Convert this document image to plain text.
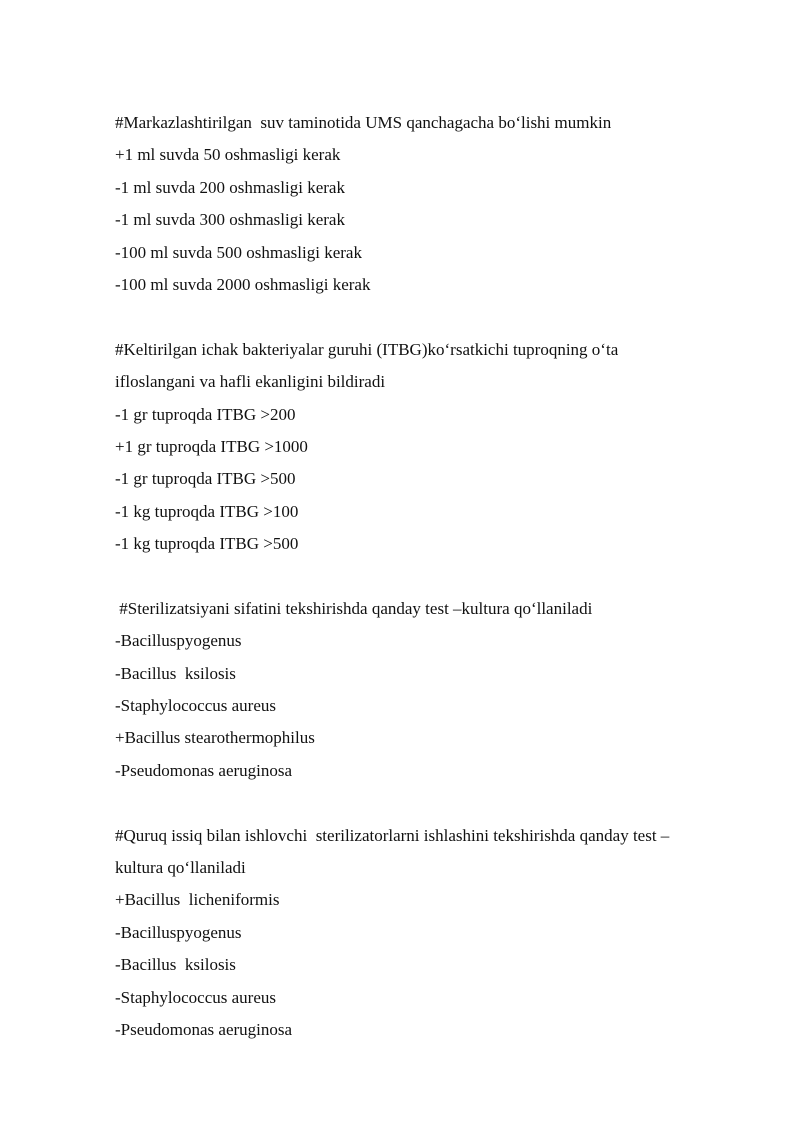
#Markazlashtirilgan  suv taminotida UMS qanchagacha bo‘lishi mumkin
+1 ml suvda 50 oshmasligi kerak
-1 ml suvda 200 oshmasligi kerak
-1 ml suvda 300 oshmasligi kerak
-100 ml suvda 500 oshmasligi kerak
-100 ml suvda 2000 oshmasligi kerak
#Keltirilgan ichak bakteriyalar guruhi (ITBG)ko‘rsatkichi tuproqning o‘ta
ifloslangani va hafli ekanligini bildiradi
-1 gr tuproqda ITBG >200
+1 gr tuproqda ITBG >1000
-1 gr tuproqda ITBG >500
-1 kg tuproqda ITBG >100
-1 kg tuproqda ITBG >500
#Sterilizatsiyani sifatini tekshirishda qanday test –kultura qo‘llaniladi
-Bacilluspyogenus
-Bacillus  ksilosis
-Staphylococcus aureus
+Bacillus stearothermophilus
-Pseudomonas aeruginosa
#Quruq issiq bilan ishlovchi  sterilizatorlarni ishlashini tekshirishda qanday test –
kultura qo‘llaniladi
+Bacillus  licheniformis
-Bacilluspyogenus
-Bacillus  ksilosis
-Staphylococcus aureus
-Pseudomonas aeruginosa
